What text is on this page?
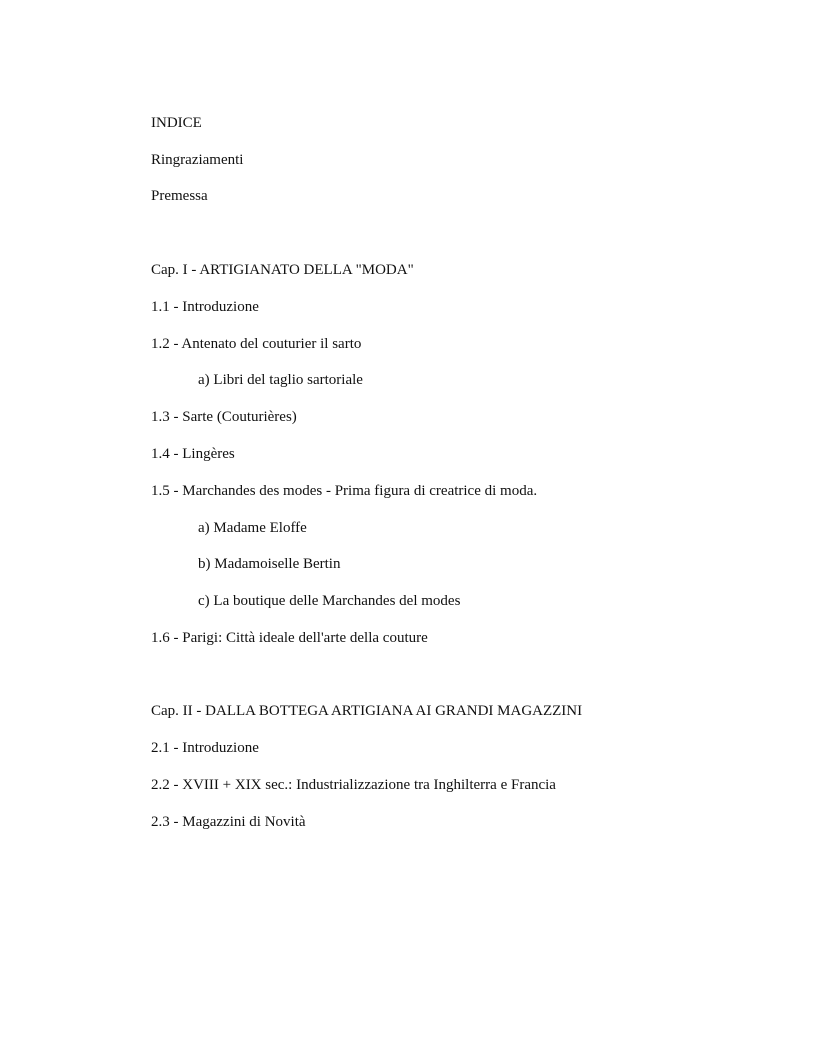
INDICE
Ringraziamenti
Premessa
Cap. I - ARTIGIANATO DELLA "MODA"
1.1 - Introduzione
1.2 - Antenato del couturier il sarto
a) Libri del taglio sartoriale
1.3 - Sarte (Couturières)
1.4 - Lingères
1.5 - Marchandes des modes - Prima figura di creatrice di moda.
a) Madame Eloffe
b) Madamoiselle Bertin
c) La boutique delle Marchandes del modes
1.6 - Parigi: Città ideale dell'arte della couture
Cap. II - DALLA BOTTEGA ARTIGIANA AI GRANDI MAGAZZINI
2.1 - Introduzione
2.2 - XVIII + XIX sec.: Industrializzazione tra Inghilterra e Francia
2.3 - Magazzini di Novità
